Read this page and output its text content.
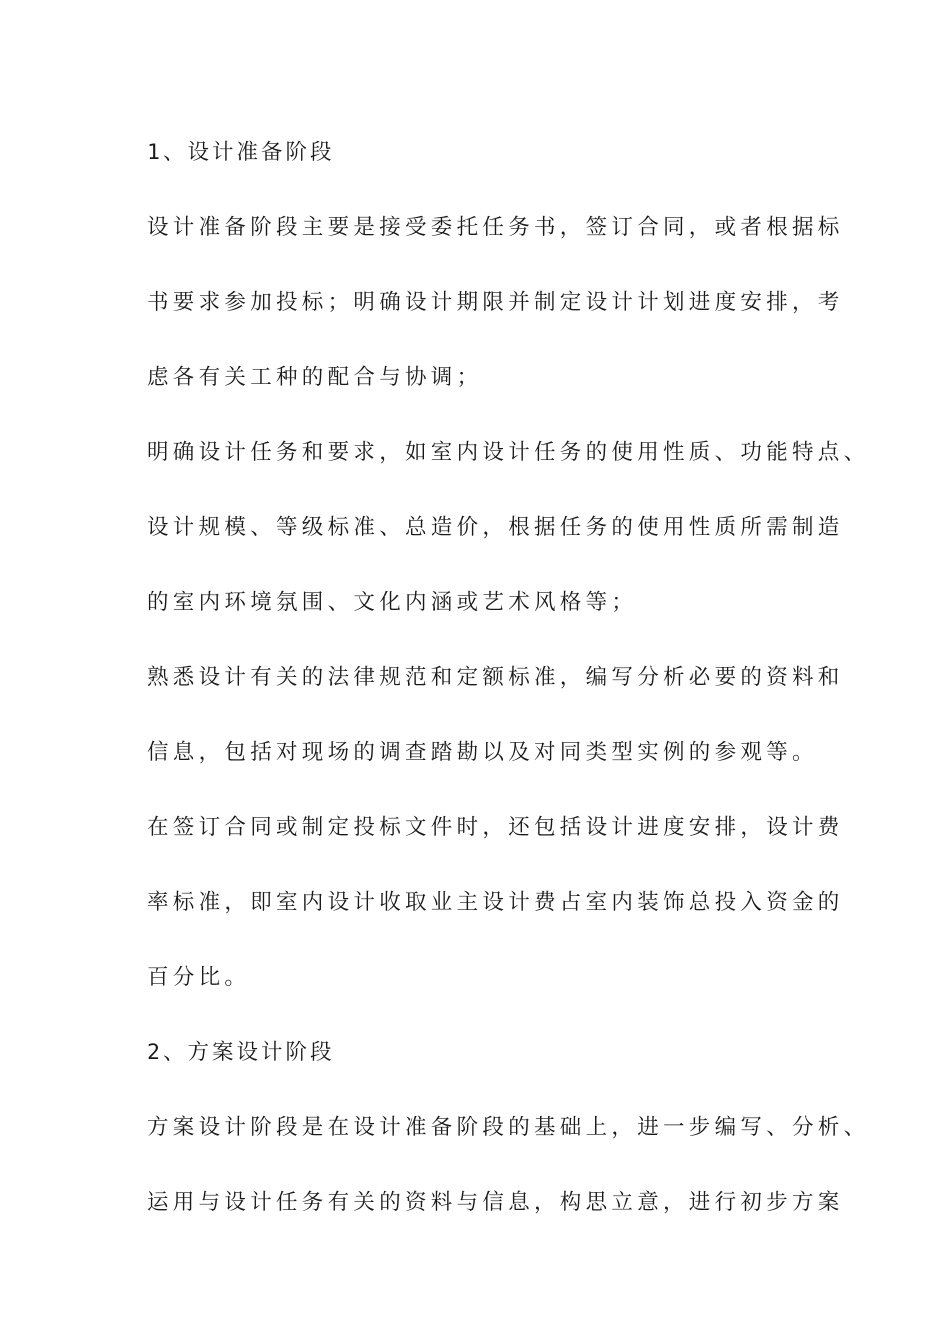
1、设计准备阶段
设计准备阶段主要是接受委托任务书，签订合同，或者根据标
书要求参加投标；明确设计期限并制定设计计划进度安排，考
虑各有关工种的配合与协调；
明确设计任务和要求，如室内设计任务的使用性质、功能特点、
设计规模、等级标准、总造价，根据任务的使用性质所需制造
的室内环境氛围、文化内涵或艺术风格等；
熟悉设计有关的法律规范和定额标准，编写分析必要的资料和
信息，包括对现场的调查踏勘以及对同类型实例的参观等。
在签订合同或制定投标文件时，还包括设计进度安排，设计费
率标准，即室内设计收取业主设计费占室内装饰总投入资金的
百分比。
2、方案设计阶段
方案设计阶段是在设计准备阶段的基础上，进一步编写、分析、
运用与设计任务有关的资料与信息，构思立意，进行初步方案
